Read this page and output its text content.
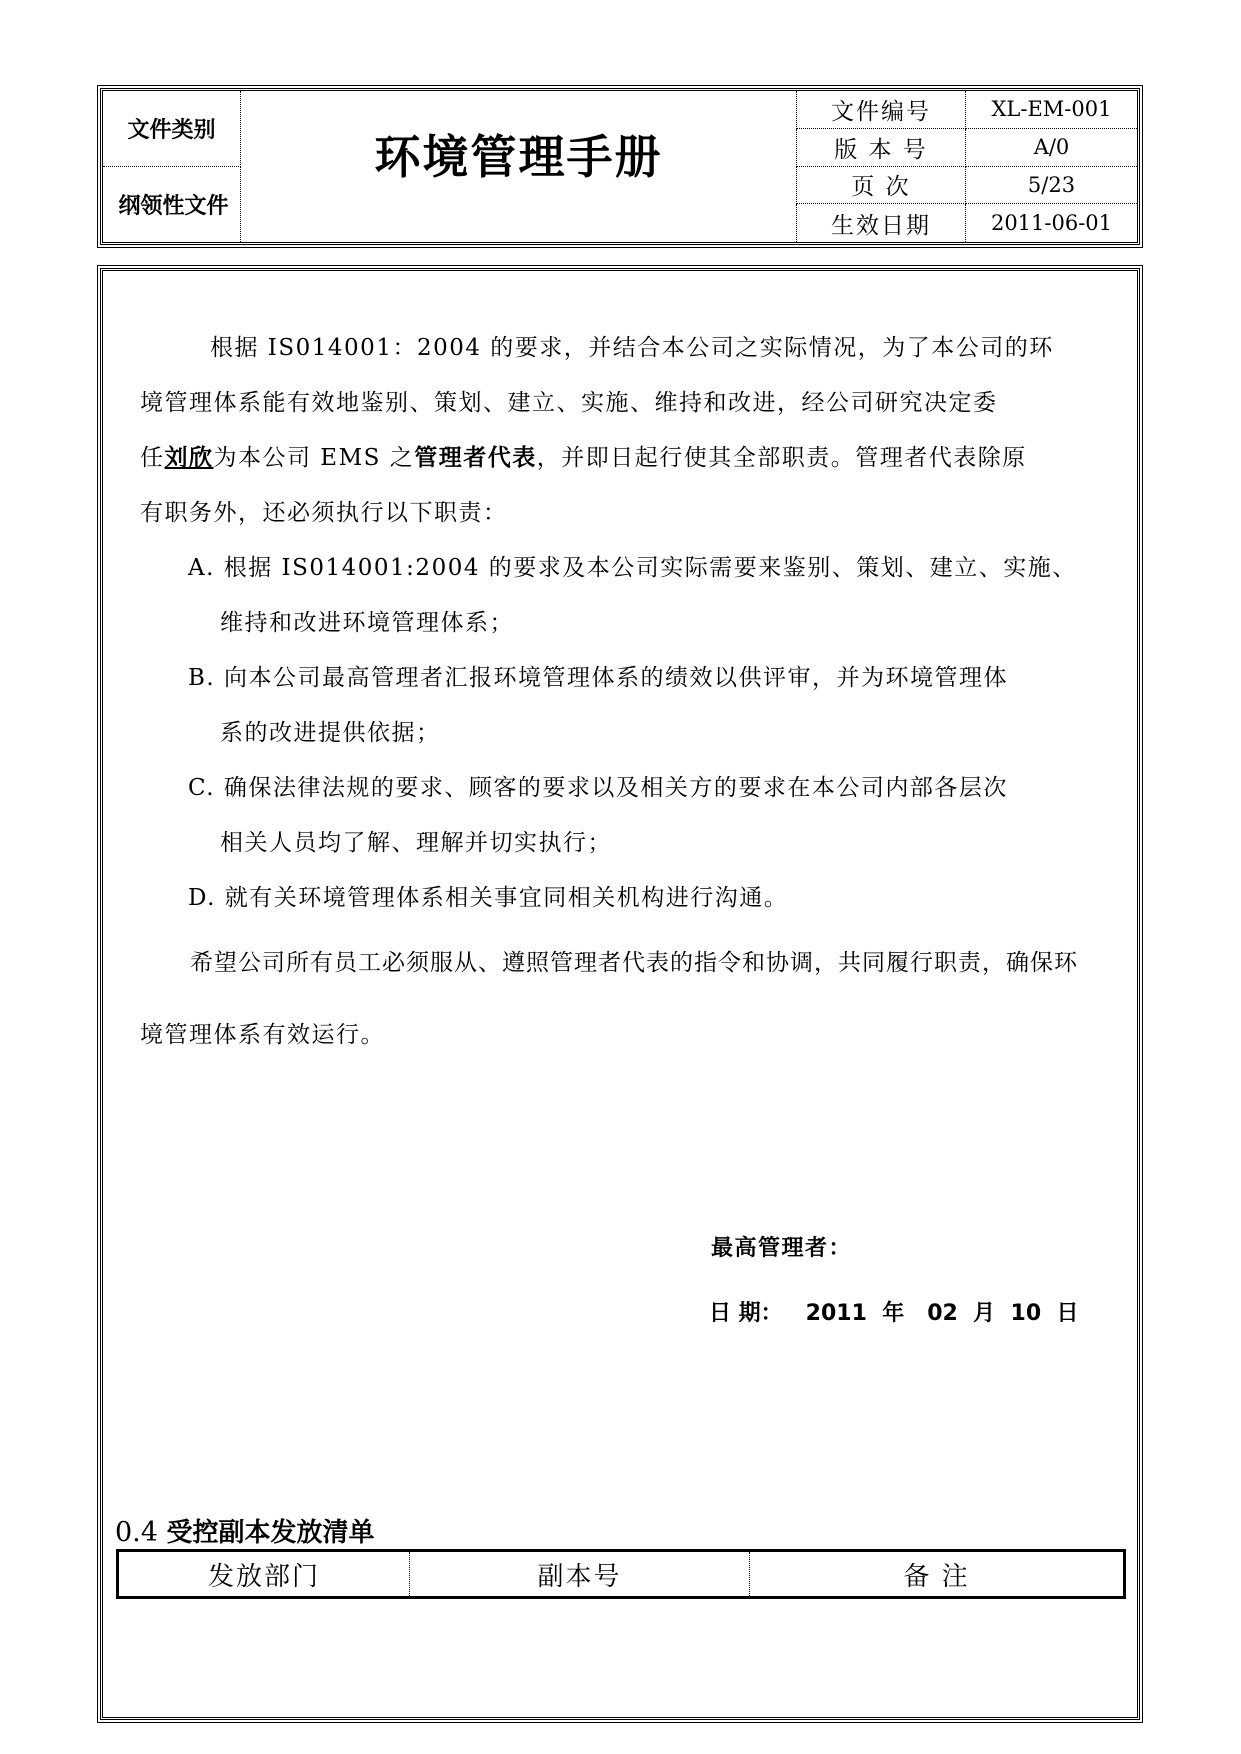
文件类别
纲领性文件
环境管理手册
文件编号	XL-EM-001
版 本 号	A/0
页 次	5/23
生效日期	2011-06-01
根据 IS014001：2004 的要求，并结合本公司之实际情况，为了本公司的环
境管理体系能有效地鉴别、策划、建立、实施、维持和改进，经公司研究决定委
任刘欣为本公司 EMS 之管理者代表，并即日起行使其全部职责。管理者代表除原
有职务外，还必须执行以下职责：
A. 根据 IS014001:2004 的要求及本公司实际需要来鉴别、策划、建立、实施、
维持和改进环境管理体系；
B. 向本公司最高管理者汇报环境管理体系的绩效以供评审，并为环境管理体
系的改进提供依据；
C. 确保法律法规的要求、顾客的要求以及相关方的要求在本公司内部各层次
相关人员均了解、理解并切实执行；
D. 就有关环境管理体系相关事宜同相关机构进行沟通。
希望公司所有员工必须服从、遵照管理者代表的指令和协调，共同履行职责，确保环
境管理体系有效运行。
最高管理者：
日 期： 2011 年 02 月 10 日
0.4 受控副本发放清单
发放部门	副本号	备 注
